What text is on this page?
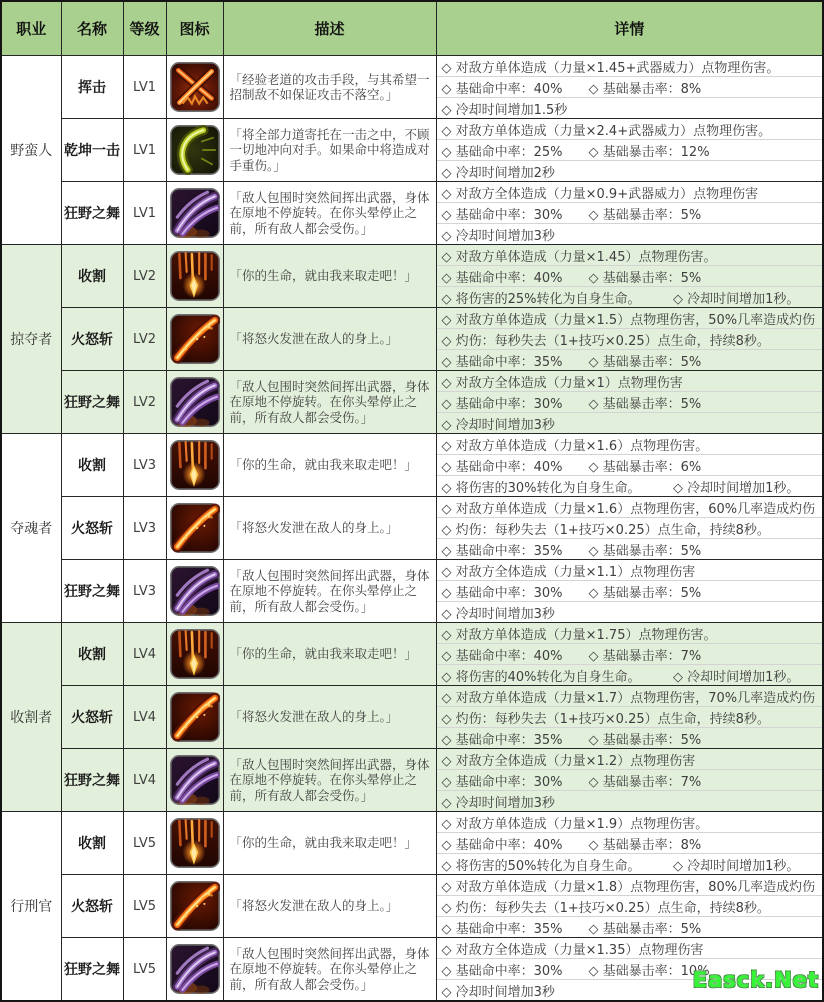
职业	名称	等级	图标	描述	详情
野蛮人	挥击	LV1		「经验老道的攻击手段，与其希望一招制敌不如保证攻击不落空。」	◇ 对敌方单体造成（力量×1.45+武器威力）点物理伤害。
◇ 基础命中率：40%　　◇ 基础暴击率：8%
◇ 冷却时间增加1.5秒

	乾坤一击	LV1		「将全部力道寄托在一击之中，不顾一切地冲向对手。如果命中将造成对手重伤。」	◇ 对敌方单体造成（力量×2.4+武器威力）点物理伤害。
◇ 基础命中率：25%　　◇ 基础暴击率：12%
◇ 冷却时间增加2秒

	狂野之舞	LV1		「敌人包围时突然间挥出武器，身体在原地不停旋转。在你头晕停止之前，所有敌人都会受伤。」	◇ 对敌方全体造成（力量×0.9+武器威力）点物理伤害
◇ 基础命中率：30%　　◇ 基础暴击率：5%
◇ 冷却时间增加3秒

掠夺者	收割	LV2		「你的生命，就由我来取走吧！」	◇ 对敌方单体造成（力量×1.45）点物理伤害。
◇ 基础命中率：40%　　◇ 基础暴击率：5%
◇ 将伤害的25%转化为自身生命。　　　◇ 冷却时间增加1秒。

	火怒斩	LV2		「将怒火发泄在敌人的身上。」	◇ 对敌方单体造成（力量×1.5）点物理伤害，50%几率造成灼伤
◇ 灼伤：每秒失去（1+技巧×0.25）点生命，持续8秒。
◇ 基础命中率：35%　　◇ 基础暴击率：5%

	狂野之舞	LV2		「敌人包围时突然间挥出武器，身体在原地不停旋转。在你头晕停止之前，所有敌人都会受伤。」	◇ 对敌方全体造成（力量×1）点物理伤害
◇ 基础命中率：30%　　◇ 基础暴击率：5%
◇ 冷却时间增加3秒

夺魂者	收割	LV3		「你的生命，就由我来取走吧！」	◇ 对敌方单体造成（力量×1.6）点物理伤害。
◇ 基础命中率：40%　　◇ 基础暴击率：6%
◇ 将伤害的30%转化为自身生命。　　　◇ 冷却时间增加1秒。

	火怒斩	LV3		「将怒火发泄在敌人的身上。」	◇ 对敌方单体造成（力量×1.6）点物理伤害，60%几率造成灼伤
◇ 灼伤：每秒失去（1+技巧×0.25）点生命，持续8秒。
◇ 基础命中率：35%　　◇ 基础暴击率：5%

	狂野之舞	LV3		「敌人包围时突然间挥出武器，身体在原地不停旋转。在你头晕停止之前，所有敌人都会受伤。」	◇ 对敌方全体造成（力量×1.1）点物理伤害
◇ 基础命中率：30%　　◇ 基础暴击率：5%
◇ 冷却时间增加3秒

收割者	收割	LV4		「你的生命，就由我来取走吧！」	◇ 对敌方单体造成（力量×1.75）点物理伤害。
◇ 基础命中率：40%　　◇ 基础暴击率：7%
◇ 将伤害的40%转化为自身生命。　　　◇ 冷却时间增加1秒。

	火怒斩	LV4		「将怒火发泄在敌人的身上。」	◇ 对敌方单体造成（力量×1.7）点物理伤害，70%几率造成灼伤
◇ 灼伤：每秒失去（1+技巧×0.25）点生命，持续8秒。
◇ 基础命中率：35%　　◇ 基础暴击率：5%

	狂野之舞	LV4		「敌人包围时突然间挥出武器，身体在原地不停旋转。在你头晕停止之前，所有敌人都会受伤。」	◇ 对敌方全体造成（力量×1.2）点物理伤害
◇ 基础命中率：30%　　◇ 基础暴击率：7%
◇ 冷却时间增加3秒

行刑官	收割	LV5		「你的生命，就由我来取走吧！」	◇ 对敌方单体造成（力量×1.9）点物理伤害。
◇ 基础命中率：40%　　◇ 基础暴击率：8%
◇ 将伤害的50%转化为自身生命。　　　◇ 冷却时间增加1秒。

	火怒斩	LV5		「将怒火发泄在敌人的身上。」	◇ 对敌方单体造成（力量×1.8）点物理伤害，80%几率造成灼伤
◇ 灼伤：每秒失去（1+技巧×0.25）点生命，持续8秒。
◇ 基础命中率：35%　　◇ 基础暴击率：5%

	狂野之舞	LV5		「敌人包围时突然间挥出武器，身体在原地不停旋转。在你头晕停止之前，所有敌人都会受伤。」	◇ 对敌方全体造成（力量×1.35）点物理伤害
◇ 基础命中率：30%　　◇ 基础暴击率：10%
◇ 冷却时间增加3秒	Easck.Net
